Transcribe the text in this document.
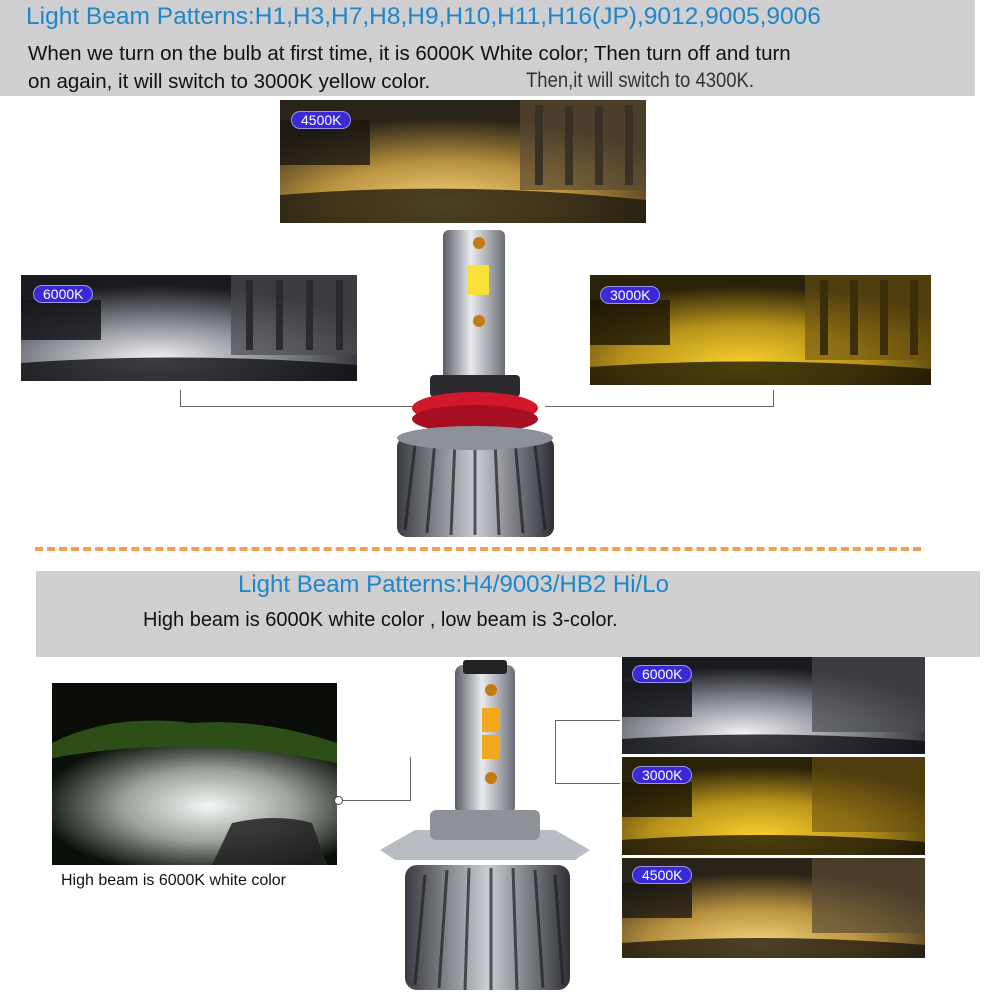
Light Beam Patterns:H1,H3,H7,H8,H9,H10,H11,H16(JP),9012,9005,9006
When we turn on the bulb at first time, it is 6000K White color; Then turn off and turn
on again, it will switch to 3000K yellow color.	Then,it will switch to 4300K.
4500K
6000K	3000K
Light Beam Patterns:H4/9003/HB2 Hi/Lo
High beam is 6000K white color , low beam is 3-color.
High beam is 6000K white color
6000K
3000K
4500K
